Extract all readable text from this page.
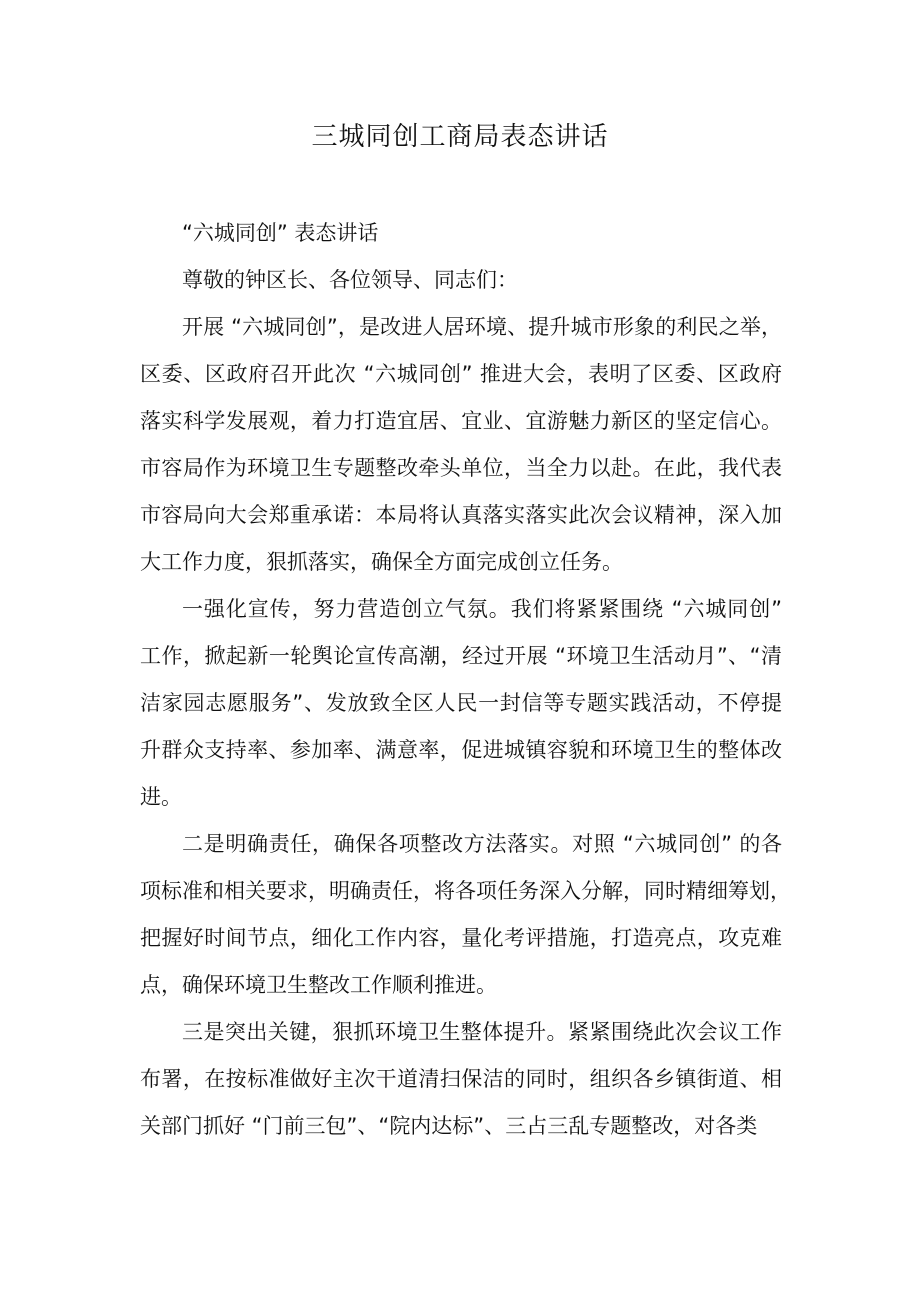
三城同创工商局表态讲话
“六城同创” 表态讲话
尊敬的钟区长、各位领导、同志们：
开展 “六城同创”，是改进人居环境、提升城市形象的利民之举，
区委、区政府召开此次 “六城同创” 推进大会，表明了区委、区政府
落实科学发展观，着力打造宜居、宜业、宜游魅力新区的坚定信心。
市容局作为环境卫生专题整改牵头单位，当全力以赴。在此，我代表
市容局向大会郑重承诺：本局将认真落实落实此次会议精神，深入加
大工作力度，狠抓落实，确保全方面完成创立任务。
一强化宣传，努力营造创立气氛。我们将紧紧围绕 “六城同创”
工作，掀起新一轮舆论宣传高潮，经过开展 “环境卫生活动月”、“清
洁家园志愿服务”、发放致全区人民一封信等专题实践活动，不停提
升群众支持率、参加率、满意率，促进城镇容貌和环境卫生的整体改
进。
二是明确责任，确保各项整改方法落实。对照 “六城同创” 的各
项标准和相关要求，明确责任，将各项任务深入分解，同时精细筹划，
把握好时间节点，细化工作内容，量化考评措施，打造亮点，攻克难
点，确保环境卫生整改工作顺利推进。
三是突出关键，狠抓环境卫生整体提升。紧紧围绕此次会议工作
布署，在按标准做好主次干道清扫保洁的同时，组织各乡镇街道、相
关部门抓好 “门前三包”、“院内达标”、三占三乱专题整改，对各类
